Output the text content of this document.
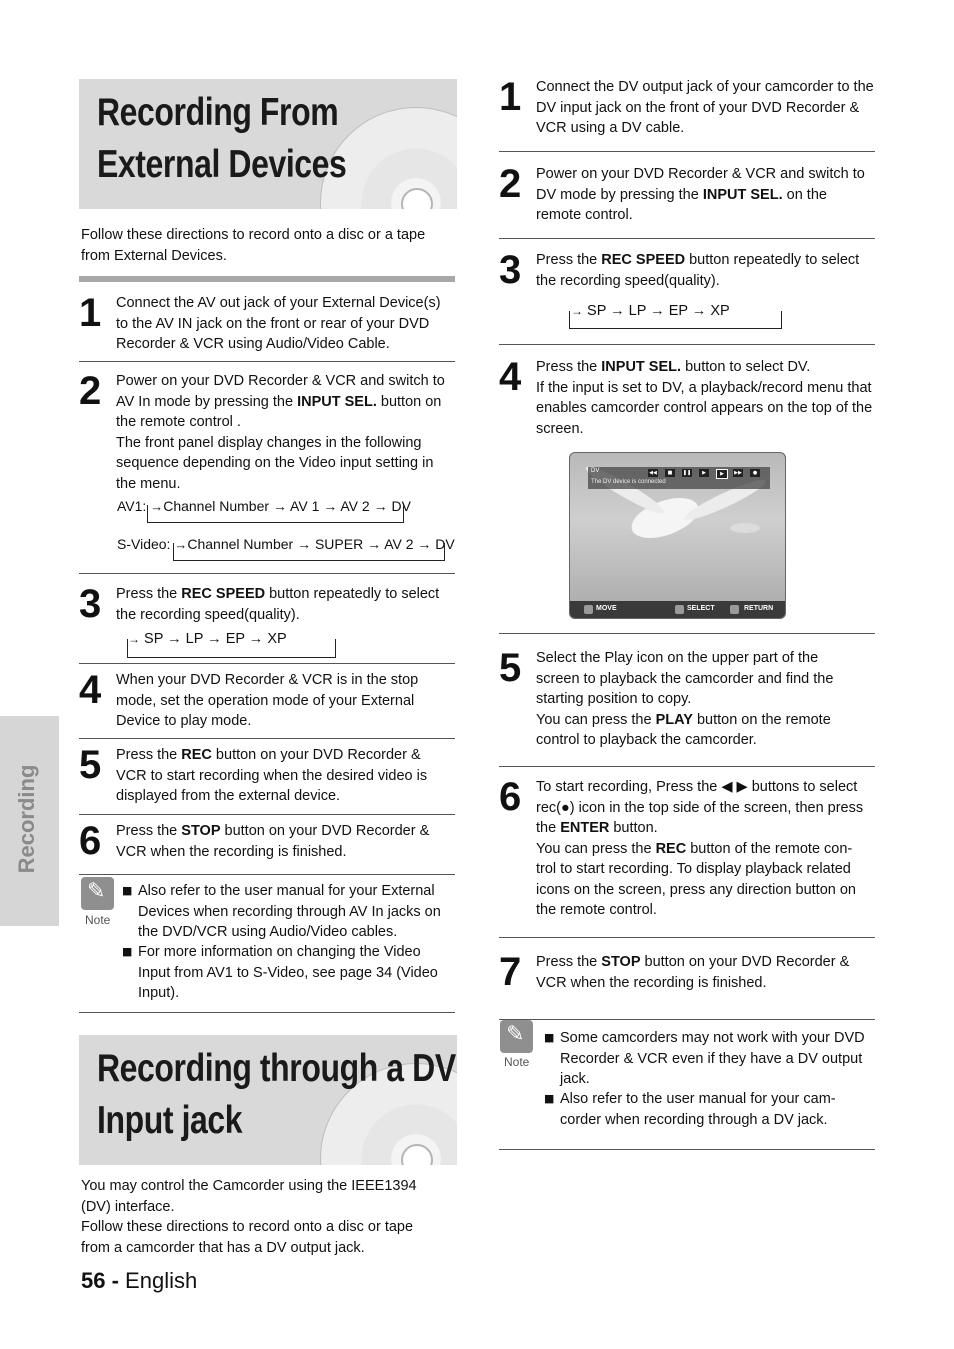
Recording
Recording From
External Devices
Follow these directions to record onto a disc or a tape from External Devices.
1 Connect the AV out jack of your External Device(s) to the AV IN jack on the front or rear of your DVD Recorder & VCR using Audio/Video Cable.
2 Power on your DVD Recorder & VCR and switch to AV In mode by pressing the INPUT SEL. button on the remote control .
The front panel display changes in the following sequence depending on the Video input setting in the menu.
AV1: →Channel Number → AV 1 → AV 2 → DV
S-Video: →Channel Number → SUPER → AV 2 → DV
3 Press the REC SPEED button repeatedly to select the recording speed(quality).
→ SP → LP → EP → XP
4 When your DVD Recorder & VCR is in the stop mode, set the operation mode of your External Device to play mode.
5 Press the REC button on your DVD Recorder & VCR to start recording when the desired video is displayed from the external device.
6 Press the STOP button on your DVD Recorder & VCR when the recording is finished.
✎
Note
■ Also refer to the user manual for your External Devices when recording through AV In jacks on the DVD/VCR using Audio/Video cables.
■ For more information on changing the Video Input from AV1 to S-Video, see page 34 (Video Input).
Recording through a DV
Input jack
You may control the Camcorder using the IEEE1394 (DV) interface.
Follow these directions to record onto a disc or tape from a camcorder that has a DV output jack.
56 - English
1 Connect the DV output jack of your camcorder to the DV input jack on the front of your DVD Recorder & VCR using a DV cable.
2 Power on your DVD Recorder & VCR and switch to DV mode by pressing the INPUT SEL. on the remote control.
3 Press the REC SPEED button repeatedly to select the recording speed(quality).
→ SP → LP → EP → XP
4 Press the INPUT SEL. button to select DV.
If the input is set to DV, a playback/record menu that enables camcorder control appears on the top of the screen.
DV
The DV device is connected
◀◀	■	❚❚	▶	▶	▶▶	●
MOVE	SELECT	RETURN
5 Select the Play icon on the upper part of the screen to playback the camcorder and find the starting position to copy.
You can press the PLAY button on the remote control to playback the camcorder.
6 To start recording, Press the ◀ ▶ buttons to select rec(●) icon in the top side of the screen, then press the ENTER button.
You can press the REC button of the remote con-trol to start recording. To display playback related icons on the screen, press any direction button on the remote control.
7 Press the STOP button on your DVD Recorder & VCR when the recording is finished.
✎
Note
■ Some camcorders may not work with your DVD Recorder & VCR even if they have a DV output jack.
■ Also refer to the user manual for your cam-corder when recording through a DV jack.
